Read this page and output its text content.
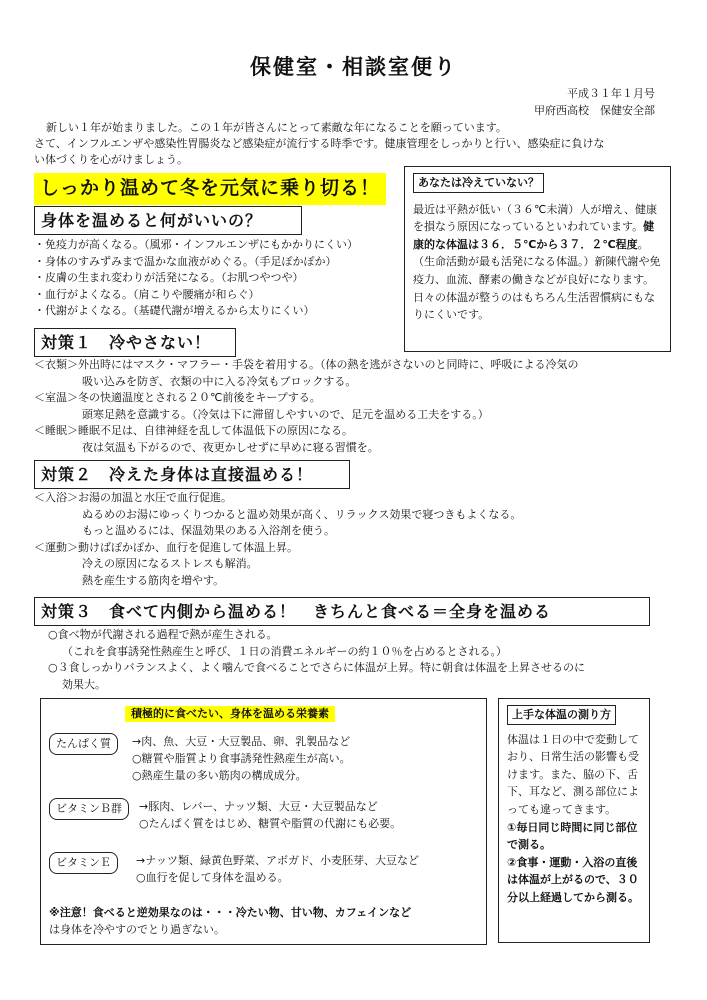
保健室・相談室便り
平成３１年１月号
甲府西高校　保健安全部

新しい１年が始まりました。この１年が皆さんにとって素敵な年になることを願っています。

さて、インフルエンザや感染性胃腸炎など感染症が流行する時季です。健康管理をしっかりと行い、感染症に負けな

い体づくりを心がけましょう。

しっかり温めて冬を元気に乗り切る！
身体を温めると何がいいの？

・免疫力が高くなる。（風邪・インフルエンザにもかかりにくい）

・身体のすみずみまで温かな血液がめぐる。（手足ぽかぽか）

・皮膚の生まれ変わりが活発になる。（お肌つやつや）

・血行がよくなる。（肩こりや腰痛が和らぐ）

・代謝がよくなる。（基礎代謝が増えるから太りにくい）

あなたは冷えていない？

最近は平熱が低い（３６℃未満）人が増え、健康を損なう原因になっているといわれています。健康的な体温は３６．５℃から３７．２℃程度。（生命活動が最も活発になる体温。）新陳代謝や免疫力、血流、酵素の働きなどが良好になります。日々の体温が整うのはもちろん生活習慣病にもなりにくいです。

対策１　冷やさない！

＜衣類＞外出時にはマスク・マフラー・手袋を着用する。（体の熱を逃がさないのと同時に、呼吸による冷気の

吸い込みを防ぎ、衣類の中に入る冷気もブロックする。

＜室温＞冬の快適温度とされる２０℃前後をキープする。

頭寒足熱を意識する。（冷気は下に滞留しやすいので、足元を温める工夫をする。）

＜睡眠＞睡眠不足は、自律神経を乱して体温低下の原因になる。

夜は気温も下がるので、夜更かしせずに早めに寝る習慣を。

対策２　冷えた身体は直接温める！

＜入浴＞お湯の加温と水圧で血行促進。

ぬるめのお湯にゆっくりつかると温め効果が高く、リラックス効果で寝つきもよくなる。

もっと温めるには、保温効果のある入浴剤を使う。

＜運動＞動けばぽかぽか、血行を促進して体温上昇。

冷えの原因になるストレスも解消。

熱を産生する筋肉を増やす。

対策３　食べて内側から温める！　きちんと食べる＝全身を温める

○食べ物が代謝される過程で熱が産生される。

（これを食事誘発性熱産生と呼び、１日の消費エネルギーの約１０％を占めるとされる。）

○３食しっかりバランスよく、よく噛んで食べることでさらに体温が上昇。特に朝食は体温を上昇させるのに

効果大。

積極的に食べたい、身体を温める栄養素
たんぱく質	→肉、魚、大豆・大豆製品、卵、乳製品など

○糖質や脂質より食事誘発性熱産生が高い。

○熱産生量の多い筋肉の構成成分。

ビタミンＢ群	→豚肉、レバー、ナッツ類、大豆・大豆製品など

○たんぱく質をはじめ、糖質や脂質の代謝にも必要。

ビタミンＥ	→ナッツ類、緑黄色野菜、アボガド、小麦胚芽、大豆など

○血行を促して身体を温める。

※注意！食べると逆効果なのは・・・冷たい物、甘い物、カフェインなど

は身体を冷やすのでとり過ぎない。

上手な体温の測り方

体温は１日の中で変動しており、日常生活の影響も受けます。また、脇の下、舌下、耳など、測る部位によっても違ってきます。

①毎日同じ時間に同じ部位で測る。

②食事・運動・入浴の直後は体温が上がるので、３０分以上経過してから測る。
